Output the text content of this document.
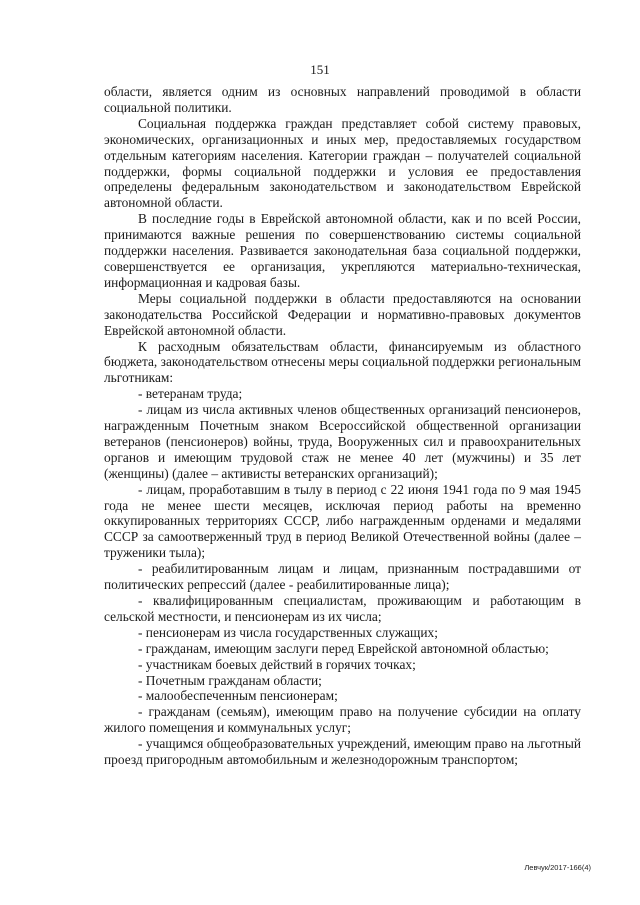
151

области, является одним из основных направлений проводимой в области социальной политики.

Социальная поддержка граждан представляет собой систему правовых, экономических, организационных и иных мер, предоставляемых государством отдельным категориям населения. Категории граждан – получателей социальной поддержки, формы социальной поддержки и условия ее предоставления определены федеральным законодательством и законодательством Еврейской автономной области.

В последние годы в Еврейской автономной области, как и по всей России, принимаются важные решения по совершенствованию системы социальной поддержки населения. Развивается законодательная база социальной поддержки, совершенствуется ее организация, укрепляются материально-техническая, информационная и кадровая базы.

Меры социальной поддержки в области предоставляются на основании законодательства Российской Федерации и нормативно-правовых документов Еврейской автономной области.

К расходным обязательствам области, финансируемым из областного бюджета, законодательством отнесены меры социальной поддержки региональным льготникам:

- ветеранам труда;

- лицам из числа активных членов общественных организаций пенсионеров, награжденным Почетным знаком Всероссийской общественной организации ветеранов (пенсионеров) войны, труда, Вооруженных сил и правоохранительных органов и имеющим трудовой стаж не менее 40 лет (мужчины) и 35 лет (женщины) (далее – активисты ветеранских организаций);

- лицам, проработавшим в тылу в период с 22 июня 1941 года по 9 мая 1945 года не менее шести месяцев, исключая период работы на временно оккупированных территориях СССР, либо награжденным орденами и медалями СССР за самоотверженный труд в период Великой Отечественной войны (далее – труженики тыла);

- реабилитированным лицам и лицам, признанным пострадавшими от политических репрессий (далее - реабилитированные лица);

- квалифицированным специалистам, проживающим и работающим в сельской местности, и пенсионерам из их числа;

- пенсионерам из числа государственных служащих;

- гражданам, имеющим заслуги перед Еврейской автономной областью;

- участникам боевых действий в горячих точках;

- Почетным гражданам области;

- малообеспеченным пенсионерам;

- гражданам (семьям), имеющим право на получение субсидии на оплату жилого помещения и коммунальных услуг;

- учащимся общеобразовательных учреждений, имеющим право на льготный проезд пригородным автомобильным и железнодорожным транспортом;

Левчук/2017-166(4)
